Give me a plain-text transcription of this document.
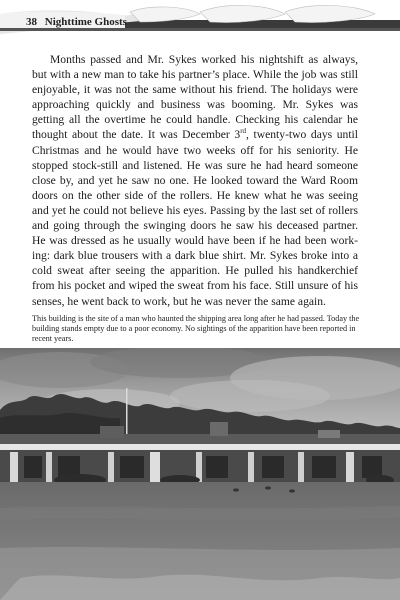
38 Nighttime Ghosts

Months passed and Mr. Sykes worked his nightshift as always, but with a new man to take his partner’s place. While the job was still enjoyable, it was not the same without his friend. The holidays were approaching quickly and business was booming. Mr. Sykes was getting all the overtime he could handle. Checking his calendar he thought about the date. It was December 3rd, twenty-two days until Christmas and he would have two weeks off for his seniority. He stopped stock-still and listened. He was sure he had heard someone close by, and yet he saw no one. He looked toward the Ward Room doors on the other side of the rollers. He knew what he was seeing and yet he could not believe his eyes. Passing by the last set of rollers and going through the swinging doors he saw his deceased partner. He was dressed as he usually would have been if he had been work- ing: dark blue trousers with a dark blue shirt. Mr. Sykes broke into a cold sweat after seeing the apparition. He pulled his handkerchief from his pocket and wiped the sweat from his face. Still unsure of his senses, he went back to work, but he was never the same again.

This building is the site of a man who haunted the shipping area long after he had passed. Today the building stands empty due to a poor economy. No sightings of the apparition have been reported in recent years.
